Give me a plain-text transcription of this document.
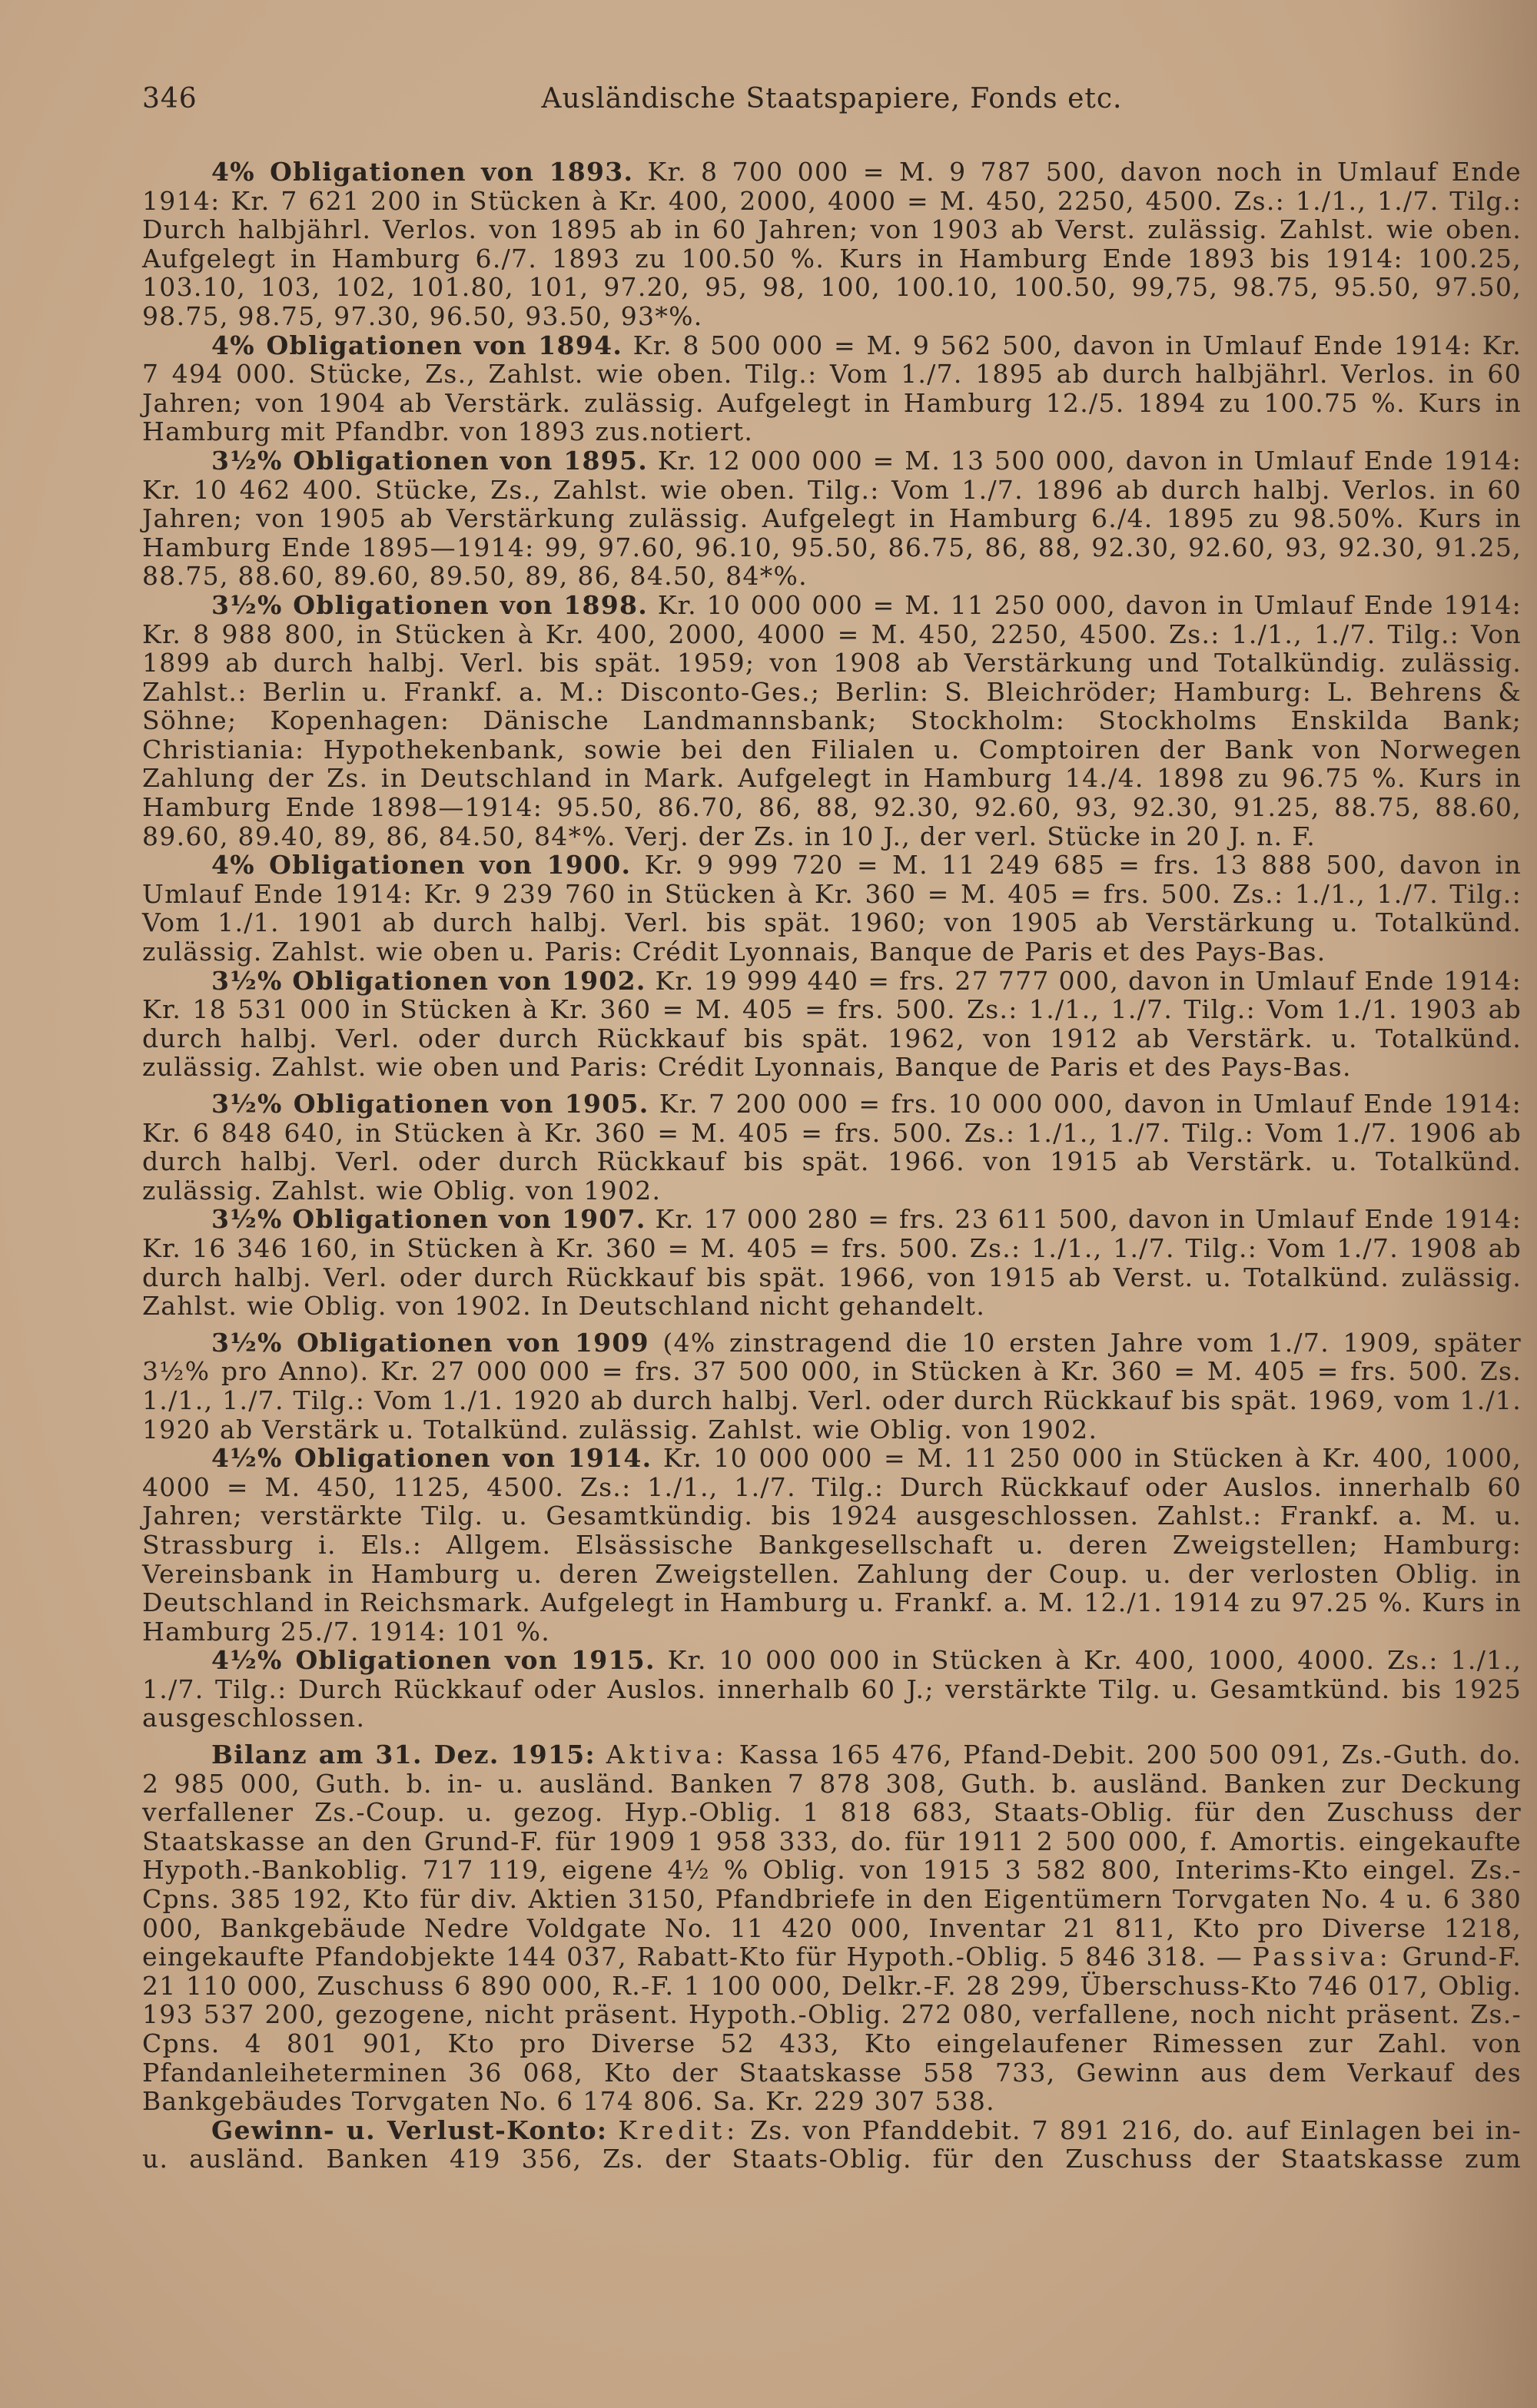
346	Ausländische Staatspapiere, Fonds etc.

4% Obligationen von 1893. Kr. 8 700 000 = M. 9 787 500, davon noch in Umlauf Ende 1914: Kr. 7 621 200 in Stücken à Kr. 400, 2000, 4000 = M. 450, 2250, 4500. Zs.: 1./1., 1./7. Tilg.: Durch halbjährl. Verlos. von 1895 ab in 60 Jahren; von 1903 ab Verst. zulässig. Zahlst. wie oben. Aufgelegt in Hamburg 6./7. 1893 zu 100.50 %. Kurs in Hamburg Ende 1893 bis 1914: 100.25, 103.10, 103, 102, 101.80, 101, 97.20, 95, 98, 100, 100.10, 100.50, 99,75, 98.75, 95.50, 97.50, 98.75, 98.75, 97.30, 96.50, 93.50, 93*%.

4% Obligationen von 1894. Kr. 8 500 000 = M. 9 562 500, davon in Umlauf Ende 1914: Kr. 7 494 000. Stücke, Zs., Zahlst. wie oben. Tilg.: Vom 1./7. 1895 ab durch halbjährl. Verlos. in 60 Jahren; von 1904 ab Verstärk. zulässig. Aufgelegt in Hamburg 12./5. 1894 zu 100.75 %. Kurs in Hamburg mit Pfandbr. von 1893 zus.notiert.

3½% Obligationen von 1895. Kr. 12 000 000 = M. 13 500 000, davon in Umlauf Ende 1914: Kr. 10 462 400. Stücke, Zs., Zahlst. wie oben. Tilg.: Vom 1./7. 1896 ab durch halbj. Verlos. in 60 Jahren; von 1905 ab Verstärkung zulässig. Aufgelegt in Hamburg 6./4. 1895 zu 98.50%. Kurs in Hamburg Ende 1895—1914: 99, 97.60, 96.10, 95.50, 86.75, 86, 88, 92.30, 92.60, 93, 92.30, 91.25, 88.75, 88.60, 89.60, 89.50, 89, 86, 84.50, 84*%.

3½% Obligationen von 1898. Kr. 10 000 000 = M. 11 250 000, davon in Umlauf Ende 1914: Kr. 8 988 800, in Stücken à Kr. 400, 2000, 4000 = M. 450, 2250, 4500. Zs.: 1./1., 1./7. Tilg.: Von 1899 ab durch halbj. Verl. bis spät. 1959; von 1908 ab Verstärkung und Totalkündig. zulässig. Zahlst.: Berlin u. Frankf. a. M.: Disconto-Ges.; Berlin: S. Bleichröder; Hamburg: L. Behrens & Söhne; Kopenhagen: Dänische Landmannsbank; Stockholm: Stockholms Enskilda Bank; Christiania: Hypothekenbank, sowie bei den Filialen u. Comptoiren der Bank von Norwegen Zahlung der Zs. in Deutschland in Mark. Aufgelegt in Hamburg 14./4. 1898 zu 96.75 %. Kurs in Hamburg Ende 1898—1914: 95.50, 86.70, 86, 88, 92.30, 92.60, 93, 92.30, 91.25, 88.75, 88.60, 89.60, 89.40, 89, 86, 84.50, 84*%. Verj. der Zs. in 10 J., der verl. Stücke in 20 J. n. F.

4% Obligationen von 1900. Kr. 9 999 720 = M. 11 249 685 = frs. 13 888 500, davon in Umlauf Ende 1914: Kr. 9 239 760 in Stücken à Kr. 360 = M. 405 = frs. 500. Zs.: 1./1., 1./7. Tilg.: Vom 1./1. 1901 ab durch halbj. Verl. bis spät. 1960; von 1905 ab Verstärkung u. Totalkünd. zulässig. Zahlst. wie oben u. Paris: Crédit Lyonnais, Banque de Paris et des Pays-Bas.

3½% Obligationen von 1902. Kr. 19 999 440 = frs. 27 777 000, davon in Umlauf Ende 1914: Kr. 18 531 000 in Stücken à Kr. 360 = M. 405 = frs. 500. Zs.: 1./1., 1./7. Tilg.: Vom 1./1. 1903 ab durch halbj. Verl. oder durch Rückkauf bis spät. 1962, von 1912 ab Verstärk. u. Totalkünd. zulässig. Zahlst. wie oben und Paris: Crédit Lyonnais, Banque de Paris et des Pays-Bas.

3½% Obligationen von 1905. Kr. 7 200 000 = frs. 10 000 000, davon in Umlauf Ende 1914: Kr. 6 848 640, in Stücken à Kr. 360 = M. 405 = frs. 500. Zs.: 1./1., 1./7. Tilg.: Vom 1./7. 1906 ab durch halbj. Verl. oder durch Rückkauf bis spät. 1966. von 1915 ab Verstärk. u. Totalkünd. zulässig. Zahlst. wie Oblig. von 1902.

3½% Obligationen von 1907. Kr. 17 000 280 = frs. 23 611 500, davon in Umlauf Ende 1914: Kr. 16 346 160, in Stücken à Kr. 360 = M. 405 = frs. 500. Zs.: 1./1., 1./7. Tilg.: Vom 1./7. 1908 ab durch halbj. Verl. oder durch Rückkauf bis spät. 1966, von 1915 ab Verst. u. Totalkünd. zulässig. Zahlst. wie Oblig. von 1902. In Deutschland nicht gehandelt.

3½% Obligationen von 1909 (4% zinstragend die 10 ersten Jahre vom 1./7. 1909, später 3½% pro Anno). Kr. 27 000 000 = frs. 37 500 000, in Stücken à Kr. 360 = M. 405 = frs. 500. Zs. 1./1., 1./7. Tilg.: Vom 1./1. 1920 ab durch halbj. Verl. oder durch Rückkauf bis spät. 1969, vom 1./1. 1920 ab Verstärk u. Totalkünd. zulässig. Zahlst. wie Oblig. von 1902.

4½% Obligationen von 1914. Kr. 10 000 000 = M. 11 250 000 in Stücken à Kr. 400, 1000, 4000 = M. 450, 1125, 4500. Zs.: 1./1., 1./7. Tilg.: Durch Rückkauf oder Auslos. innerhalb 60 Jahren; verstärkte Tilg. u. Gesamtkündig. bis 1924 ausgeschlossen. Zahlst.: Frankf. a. M. u. Strassburg i. Els.: Allgem. Elsässische Bankgesellschaft u. deren Zweigstellen; Hamburg: Vereinsbank in Hamburg u. deren Zweigstellen. Zahlung der Coup. u. der verlosten Oblig. in Deutschland in Reichsmark. Aufgelegt in Hamburg u. Frankf. a. M. 12./1. 1914 zu 97.25 %. Kurs in Hamburg 25./7. 1914: 101 %.

4½% Obligationen von 1915. Kr. 10 000 000 in Stücken à Kr. 400, 1000, 4000. Zs.: 1./1., 1./7. Tilg.: Durch Rückkauf oder Auslos. innerhalb 60 J.; verstärkte Tilg. u. Gesamtkünd. bis 1925 ausgeschlossen.

Bilanz am 31. Dez. 1915: Aktiva: Kassa 165 476, Pfand-Debit. 200 500 091, Zs.-Guth. do. 2 985 000, Guth. b. in- u. ausländ. Banken 7 878 308, Guth. b. ausländ. Banken zur Deckung verfallener Zs.-Coup. u. gezog. Hyp.-Oblig. 1 818 683, Staats-Oblig. für den Zuschuss der Staatskasse an den Grund-F. für 1909 1 958 333, do. für 1911 2 500 000, f. Amortis. eingekaufte Hypoth.-Bankoblig. 717 119, eigene 4½ % Oblig. von 1915 3 582 800, Interims-Kto eingel. Zs.-Cpns. 385 192, Kto für div. Aktien 3150, Pfandbriefe in den Eigentümern Torvgaten No. 4 u. 6 380 000, Bankgebäude Nedre Voldgate No. 11 420 000, Inventar 21 811, Kto pro Diverse 1218, eingekaufte Pfandobjekte 144 037, Rabatt-Kto für Hypoth.-Oblig. 5 846 318. — Passiva: Grund-F. 21 110 000, Zuschuss 6 890 000, R.-F. 1 100 000, Delkr.-F. 28 299, Überschuss-Kto 746 017, Oblig. 193 537 200, gezogene, nicht präsent. Hypoth.-Oblig. 272 080, verfallene, noch nicht präsent. Zs.-Cpns. 4 801 901, Kto pro Diverse 52 433, Kto eingelaufener Rimessen zur Zahl. von Pfandanleiheterminen 36 068, Kto der Staatskasse 558 733, Gewinn aus dem Verkauf des Bankgebäudes Torvgaten No. 6 174 806. Sa. Kr. 229 307 538.

Gewinn- u. Verlust-Konto: Kredit: Zs. von Pfanddebit. 7 891 216, do. auf Einlagen bei in- u. ausländ. Banken 419 356, Zs. der Staats-Oblig. für den Zuschuss der Staatskasse zum
